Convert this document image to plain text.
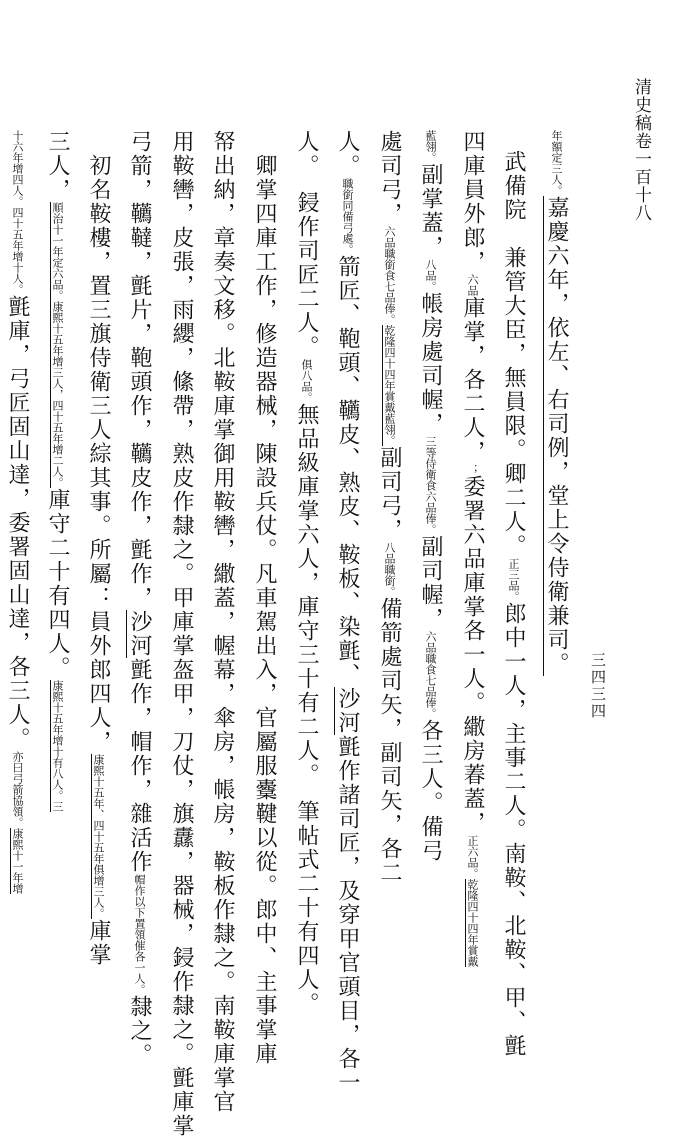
清史稿卷一百十八
三四三四
年額定三人。嘉慶六年，依左、右司例，堂上令侍衛兼司。
武備院　兼管大臣，無員限。卿二人。正三品。郎中一人，主事二人。南鞍、北鞍、甲、氈
四庫員外郎，六品庫掌，各二人，；委署六品庫掌各一人。繖房萶蓋，正六品。乾隆四十四年賞戴
藍翎。副掌蓋，八品。帳房處司幄，三等侍衛食六品俸。副司幄，六品職食七品俸。各三人。備弓
處司弓，六品職銜食七品俸。乾隆四十四年賞戴藍翎。副司弓，八品職銜。備箭處司矢，副司矢，各二
人。職銜同備弓處。箭匠、鞄頭、韉皮、熟皮、鞍板、染氈、沙河氈作諸司匠，及穿甲官頭目，各一
人。　鋟作司匠二人。俱八品。無品級庫掌六人，庫守三十有二人。　筆帖式二十有四人。
　卿掌四庫工作，修造器械，陳設兵仗。凡車駕出入，官屬服櫜鞬以從。郎中、主事掌庫
帑出納，章奏文移。北鞍庫掌御用鞍轡，繖蓋，幄幕，傘房，帳房，鞍板作隸之。南鞍庫掌官
用鞍轡，皮張，雨纓，絛帶，熟皮作隸之。甲庫掌盔甲，刀仗，旗纛，器械，鋟作隸之。氈庫掌
弓箭，韉韃，氈片，鞄頭作，韉皮作，氈作，沙河氈作，帽作，雜活作帽作以下置領催各一人。隸之。
　初名鞍樓，置三旗侍衛三人綜其事。所屬：員外郎四人，康熙十五年、四十五年俱增三人。庫掌
三人，順治十一年定六品。康熙十五年增三人，四十五年增二人。庫守二十有四人。康熙十五年增十有八人。三
十六年增四人。四十五年增十人。氈庫，弓匠固山達，委署固山達，各三人。亦曰弓箭協領。康熙十一年增
